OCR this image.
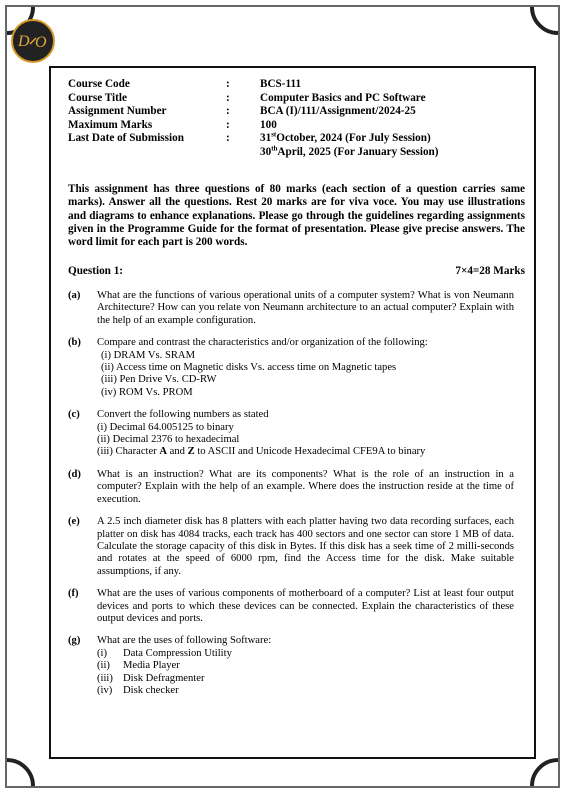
D O
Course Code	:	BCS-111
Course Title	:	Computer Basics and PC Software
Assignment Number	:	BCA (I)/111/Assignment/2024-25
Maximum Marks	:	100
Last Date of Submission	:	31stOctober, 2024 (For July Session)
30thApril, 2025 (For January Session)
This assignment has three questions of 80 marks (each section of a question carries same marks). Answer all the questions. Rest 20 marks are for viva voce. You may use illustrations and diagrams to enhance explanations. Please go through the guidelines regarding assignments given in the Programme Guide for the format of presentation. Please give precise answers. The word limit for each part is 200 words.
Question 1:	7×4=28 Marks
(a)	What are the functions of various operational units of a computer system? What is von Neumann Architecture? How can you relate von Neumann architecture to an actual computer? Explain with the help of an example configuration.
(b)	Compare and contrast the characteristics and/or organization of the following:
(i) DRAM Vs. SRAM
(ii) Access time on Magnetic disks Vs. access time on Magnetic tapes
(iii) Pen Drive Vs. CD-RW
(iv) ROM Vs. PROM
(c)	Convert the following numbers as stated
(i) Decimal 64.005125 to binary
(ii) Decimal 2376 to hexadecimal
(iii) Character A and Z to ASCII and Unicode Hexadecimal CFE9A to binary
(d)	What is an instruction? What are its components? What is the role of an instruction in a computer? Explain with the help of an example. Where does the instruction reside at the time of execution.
(e)	A 2.5 inch diameter disk has 8 platters with each platter having two data recording surfaces, each platter on disk has 4084 tracks, each track has 400 sectors and one sector can store 1 MB of data. Calculate the storage capacity of this disk in Bytes. If this disk has a seek time of 2 milli-seconds and rotates at the speed of 6000 rpm, find the Access time for the disk. Make suitable assumptions, if any.
(f)	What are the uses of various components of motherboard of a computer? List at least four output devices and ports to which these devices can be connected. Explain the characteristics of these output devices and ports.
(g)	What are the uses of following Software:
(i)	Data Compression Utility
(ii)	Media Player
(iii) Disk Defragmenter
(iv)	Disk checker
